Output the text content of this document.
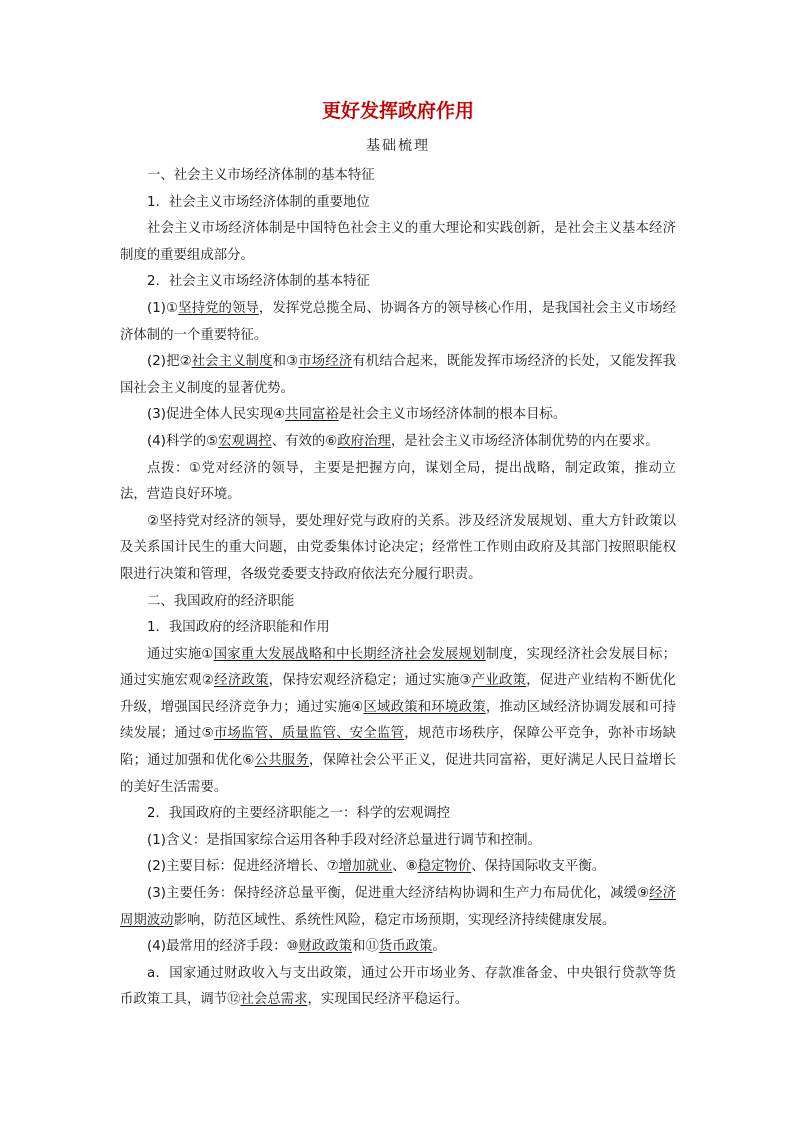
更好发挥政府作用
基础梳理

一、社会主义市场经济体制的基本特征

1．社会主义市场经济体制的重要地位

社会主义市场经济体制是中国特色社会主义的重大理论和实践创新，是社会主义基本经济制度的重要组成部分。

2．社会主义市场经济体制的基本特征

(1)①坚持党的领导，发挥党总揽全局、协调各方的领导核心作用，是我国社会主义市场经济体制的一个重要特征。

(2)把②社会主义制度和③市场经济有机结合起来，既能发挥市场经济的长处，又能发挥我国社会主义制度的显著优势。

(3)促进全体人民实现④共同富裕是社会主义市场经济体制的根本目标。

(4)科学的⑤宏观调控、有效的⑥政府治理，是社会主义市场经济体制优势的内在要求。

点拨：①党对经济的领导，主要是把握方向，谋划全局，提出战略，制定政策，推动立法，营造良好环境。

②坚持党对经济的领导，要处理好党与政府的关系。涉及经济发展规划、重大方针政策以及关系国计民生的重大问题，由党委集体讨论决定；经常性工作则由政府及其部门按照职能权限进行决策和管理，各级党委要支持政府依法充分履行职责。

二、我国政府的经济职能

1．我国政府的经济职能和作用

通过实施①国家重大发展战略和中长期经济社会发展规划制度，实现经济社会发展目标；通过实施宏观②经济政策，保持宏观经济稳定；通过实施③产业政策，促进产业结构不断优化升级，增强国民经济竞争力；通过实施④区域政策和环境政策，推动区域经济协调发展和可持续发展；通过⑤市场监管、质量监管、安全监管，规范市场秩序，保障公平竞争，弥补市场缺陷；通过加强和优化⑥公共服务，保障社会公平正义，促进共同富裕，更好满足人民日益增长的美好生活需要。

2．我国政府的主要经济职能之一：科学的宏观调控

(1)含义：是指国家综合运用各种手段对经济总量进行调节和控制。

(2)主要目标：促进经济增长、⑦增加就业、⑧稳定物价、保持国际收支平衡。

(3)主要任务：保持经济总量平衡，促进重大经济结构协调和生产力布局优化，减缓⑨经济周期波动影响，防范区域性、系统性风险，稳定市场预期，实现经济持续健康发展。

(4)最常用的经济手段：⑩财政政策和⑪货币政策。

a．国家通过财政收入与支出政策，通过公开市场业务、存款准备金、中央银行贷款等货币政策工具，调节⑫社会总需求，实现国民经济平稳运行。
